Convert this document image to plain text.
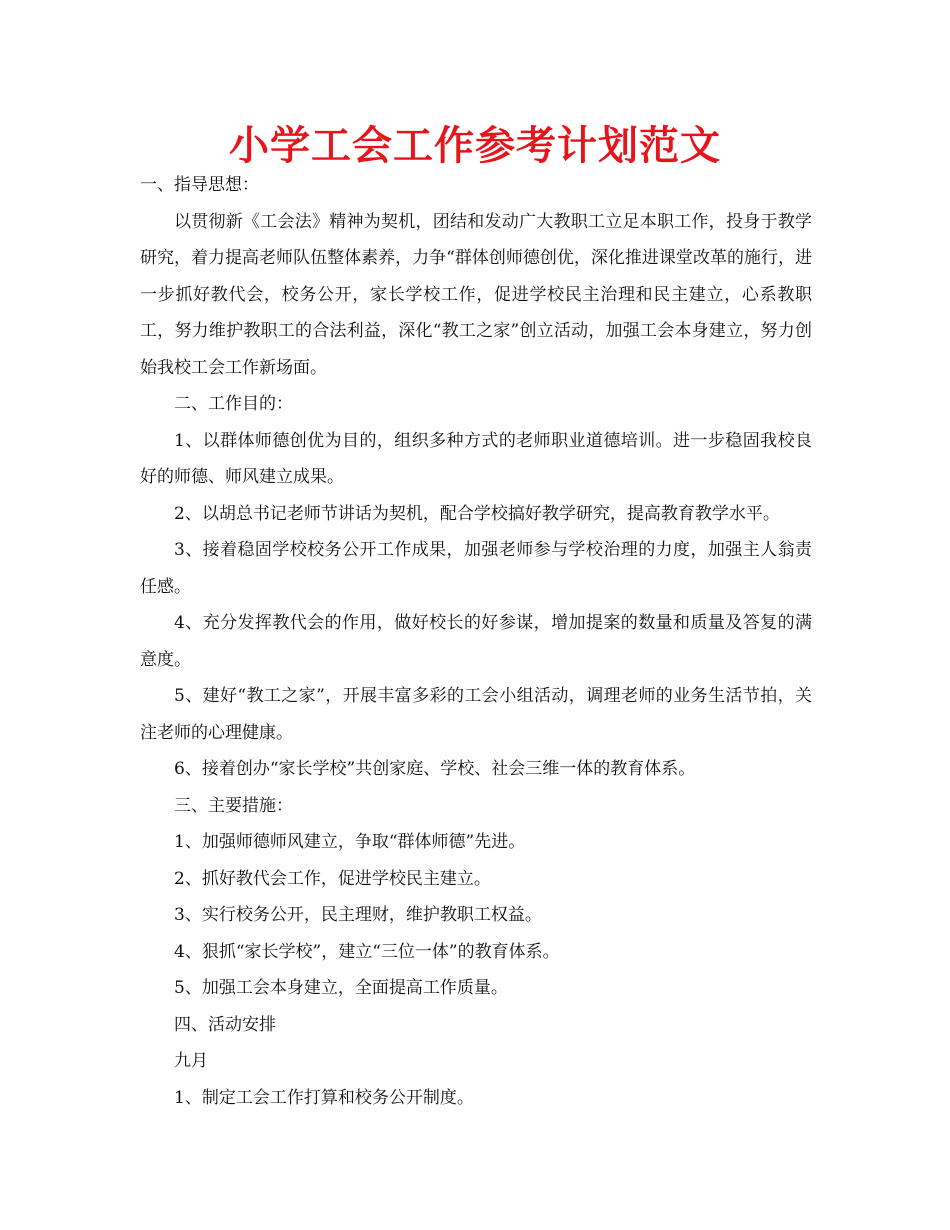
小学工会工作参考计划范文

一、指导思想：

以贯彻新《工会法》精神为契机，团结和发动广大教职工立足本职工作，投身于教学研究，着力提高老师队伍整体素养，力争“群体创师德创优，深化推进课堂改革的施行，进一步抓好教代会，校务公开，家长学校工作，促进学校民主治理和民主建立，心系教职工，努力维护教职工的合法利益，深化“教工之家”创立活动，加强工会本身建立，努力创始我校工会工作新场面。

二、工作目的：

1、以群体师德创优为目的，组织多种方式的老师职业道德培训。进一步稳固我校良好的师德、师风建立成果。

2、以胡总书记老师节讲话为契机，配合学校搞好教学研究，提高教育教学水平。

3、接着稳固学校校务公开工作成果，加强老师参与学校治理的力度，加强主人翁责任感。

4、充分发挥教代会的作用，做好校长的好参谋，增加提案的数量和质量及答复的满意度。

5、建好“教工之家”，开展丰富多彩的工会小组活动，调理老师的业务生活节拍，关注老师的心理健康。

6、接着创办“家长学校”共创家庭、学校、社会三维一体的教育体系。

三、主要措施：

1、加强师德师风建立，争取“群体师德”先进。

2、抓好教代会工作，促进学校民主建立。

3、实行校务公开，民主理财，维护教职工权益。

4、狠抓“家长学校”，建立“三位一体”的教育体系。

5、加强工会本身建立，全面提高工作质量。

四、活动安排

九月

1、制定工会工作打算和校务公开制度。
